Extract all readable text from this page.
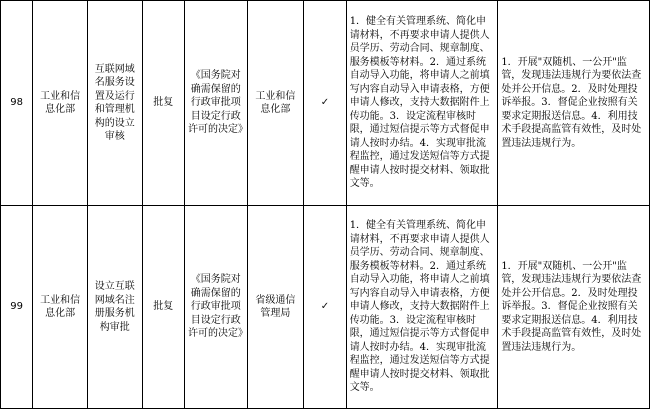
98	工业和信息化部	互联网域名服务设置及运行和管理机构的设立审核	批复	《国务院对确需保留的行政审批项目设定行政许可的决定》	工业和信息化部	✓	1．健全有关管理系统、简化申请材料，不再要求申请人提供人员学历、劳动合同、规章制度、服务模板等材料。2．通过系统自动导入功能，将申请人之前填写内容自动导入申请表格，方便申请人修改，支持大数据附件上传功能。3．设定流程审核时限，通过短信提示等方式督促申请人按时办结。4．实现审批流程监控，通过发送短信等方式提醒申请人按时提交材料、领取批文等。	1．开展"双随机、一公开"监管，发现违法违规行为要依法查处并公开信息。2．及时处理投诉举报。3．督促企业按照有关要求定期报送信息。4．利用技术手段提高监管有效性，及时处置违法违规行为。
99	工业和信息化部	设立互联网域名注册服务机构审批	批复	《国务院对确需保留的行政审批项目设定行政许可的决定》	省级通信管理局	✓	1．健全有关管理系统、简化申请材料，不再要求申请人提供人员学历、劳动合同、规章制度、服务模板等材料。2．通过系统自动导入功能，将申请人之前填写内容自动导入申请表格，方便申请人修改，支持大数据附件上传功能。3．设定流程审核时限，通过短信提示等方式督促申请人按时办结。4．实现审批流程监控，通过发送短信等方式提醒申请人按时提交材料、领取批文等。	1．开展"双随机、一公开"监管，发现违法违规行为要依法查处并公开信息。2．及时处理投诉举报。3．督促企业按照有关要求定期报送信息。4．利用技术手段提高监管有效性，及时处置违法违规行为。
